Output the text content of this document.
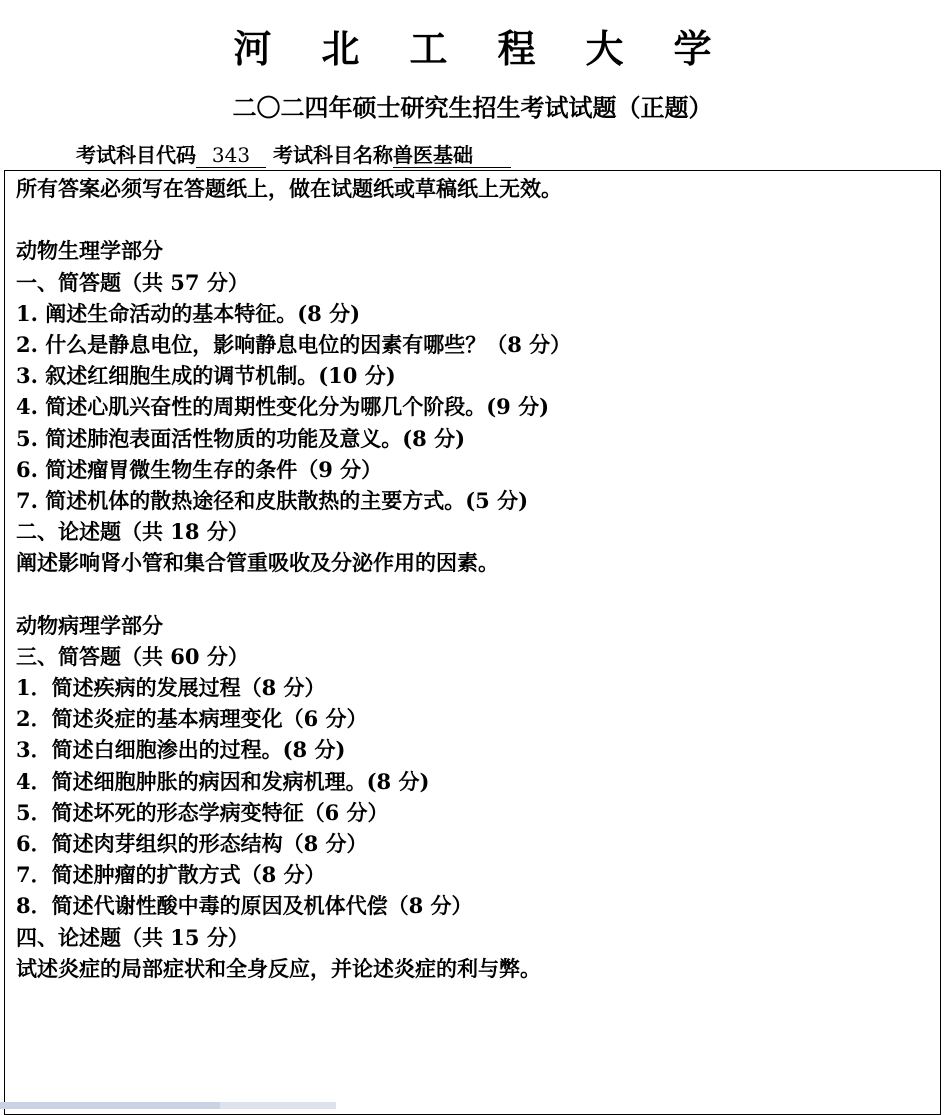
河北工程大学
二〇二四年硕士研究生招生考试试题（正题）
考试科目代码 343 考试科目名称兽医基础
所有答案必须写在答题纸上，做在试题纸或草稿纸上无效。
动物生理学部分
一、简答题（共 57 分）
1. 阐述生命活动的基本特征。(8 分)
2. 什么是静息电位，影响静息电位的因素有哪些？（8 分）
3. 叙述红细胞生成的调节机制。(10 分)
4. 简述心肌兴奋性的周期性变化分为哪几个阶段。(9 分)
5. 简述肺泡表面活性物质的功能及意义。(8 分)
6. 简述瘤胃微生物生存的条件（9 分）
7. 简述机体的散热途径和皮肤散热的主要方式。(5 分)
二、论述题（共 18 分）
阐述影响肾小管和集合管重吸收及分泌作用的因素。
动物病理学部分
三、简答题（共 60 分）
1．简述疾病的发展过程（8 分）
2．简述炎症的基本病理变化（6 分）
3．简述白细胞渗出的过程。(8 分)
4．简述细胞肿胀的病因和发病机理。(8 分)
5．简述坏死的形态学病变特征（6 分）
6．简述肉芽组织的形态结构（8 分）
7．简述肿瘤的扩散方式（8 分）
8．简述代谢性酸中毒的原因及机体代偿（8 分）
四、论述题（共 15 分）
试述炎症的局部症状和全身反应，并论述炎症的利与弊。
